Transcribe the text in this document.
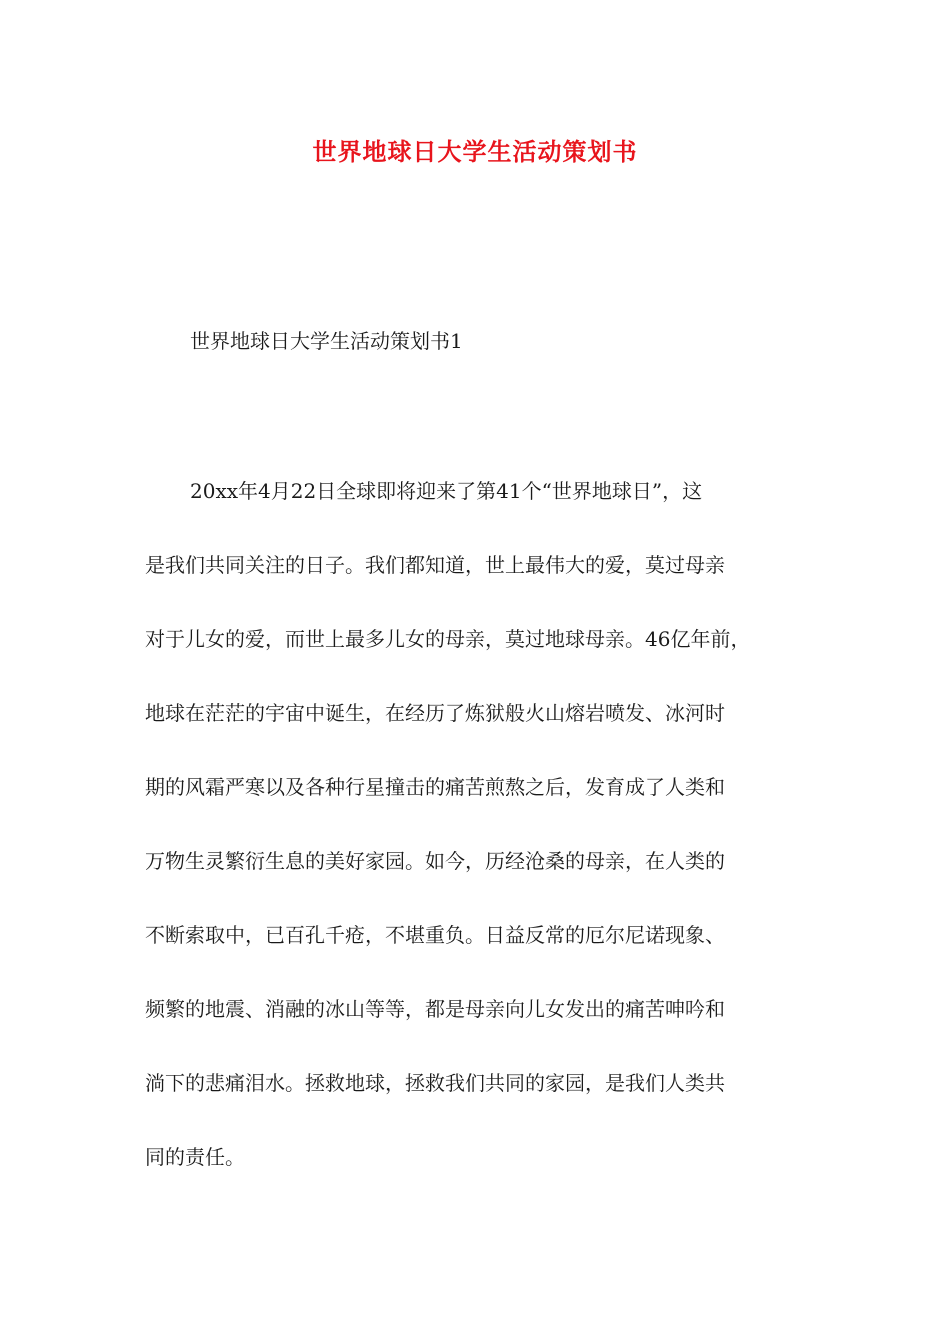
世界地球日大学生活动策划书

世界地球日大学生活动策划书1

20xx年4月22日全球即将迎来了第41个“世界地球日”，这
是我们共同关注的日子。我们都知道，世上最伟大的爱，莫过母亲
对于儿女的爱，而世上最多儿女的母亲，莫过地球母亲。46亿年前，
地球在茫茫的宇宙中诞生，在经历了炼狱般火山熔岩喷发、冰河时
期的风霜严寒以及各种行星撞击的痛苦煎熬之后，发育成了人类和
万物生灵繁衍生息的美好家园。如今，历经沧桑的母亲，在人类的
不断索取中，已百孔千疮，不堪重负。日益反常的厄尔尼诺现象、
频繁的地震、消融的冰山等等，都是母亲向儿女发出的痛苦呻吟和
淌下的悲痛泪水。拯救地球，拯救我们共同的家园，是我们人类共
同的责任。
